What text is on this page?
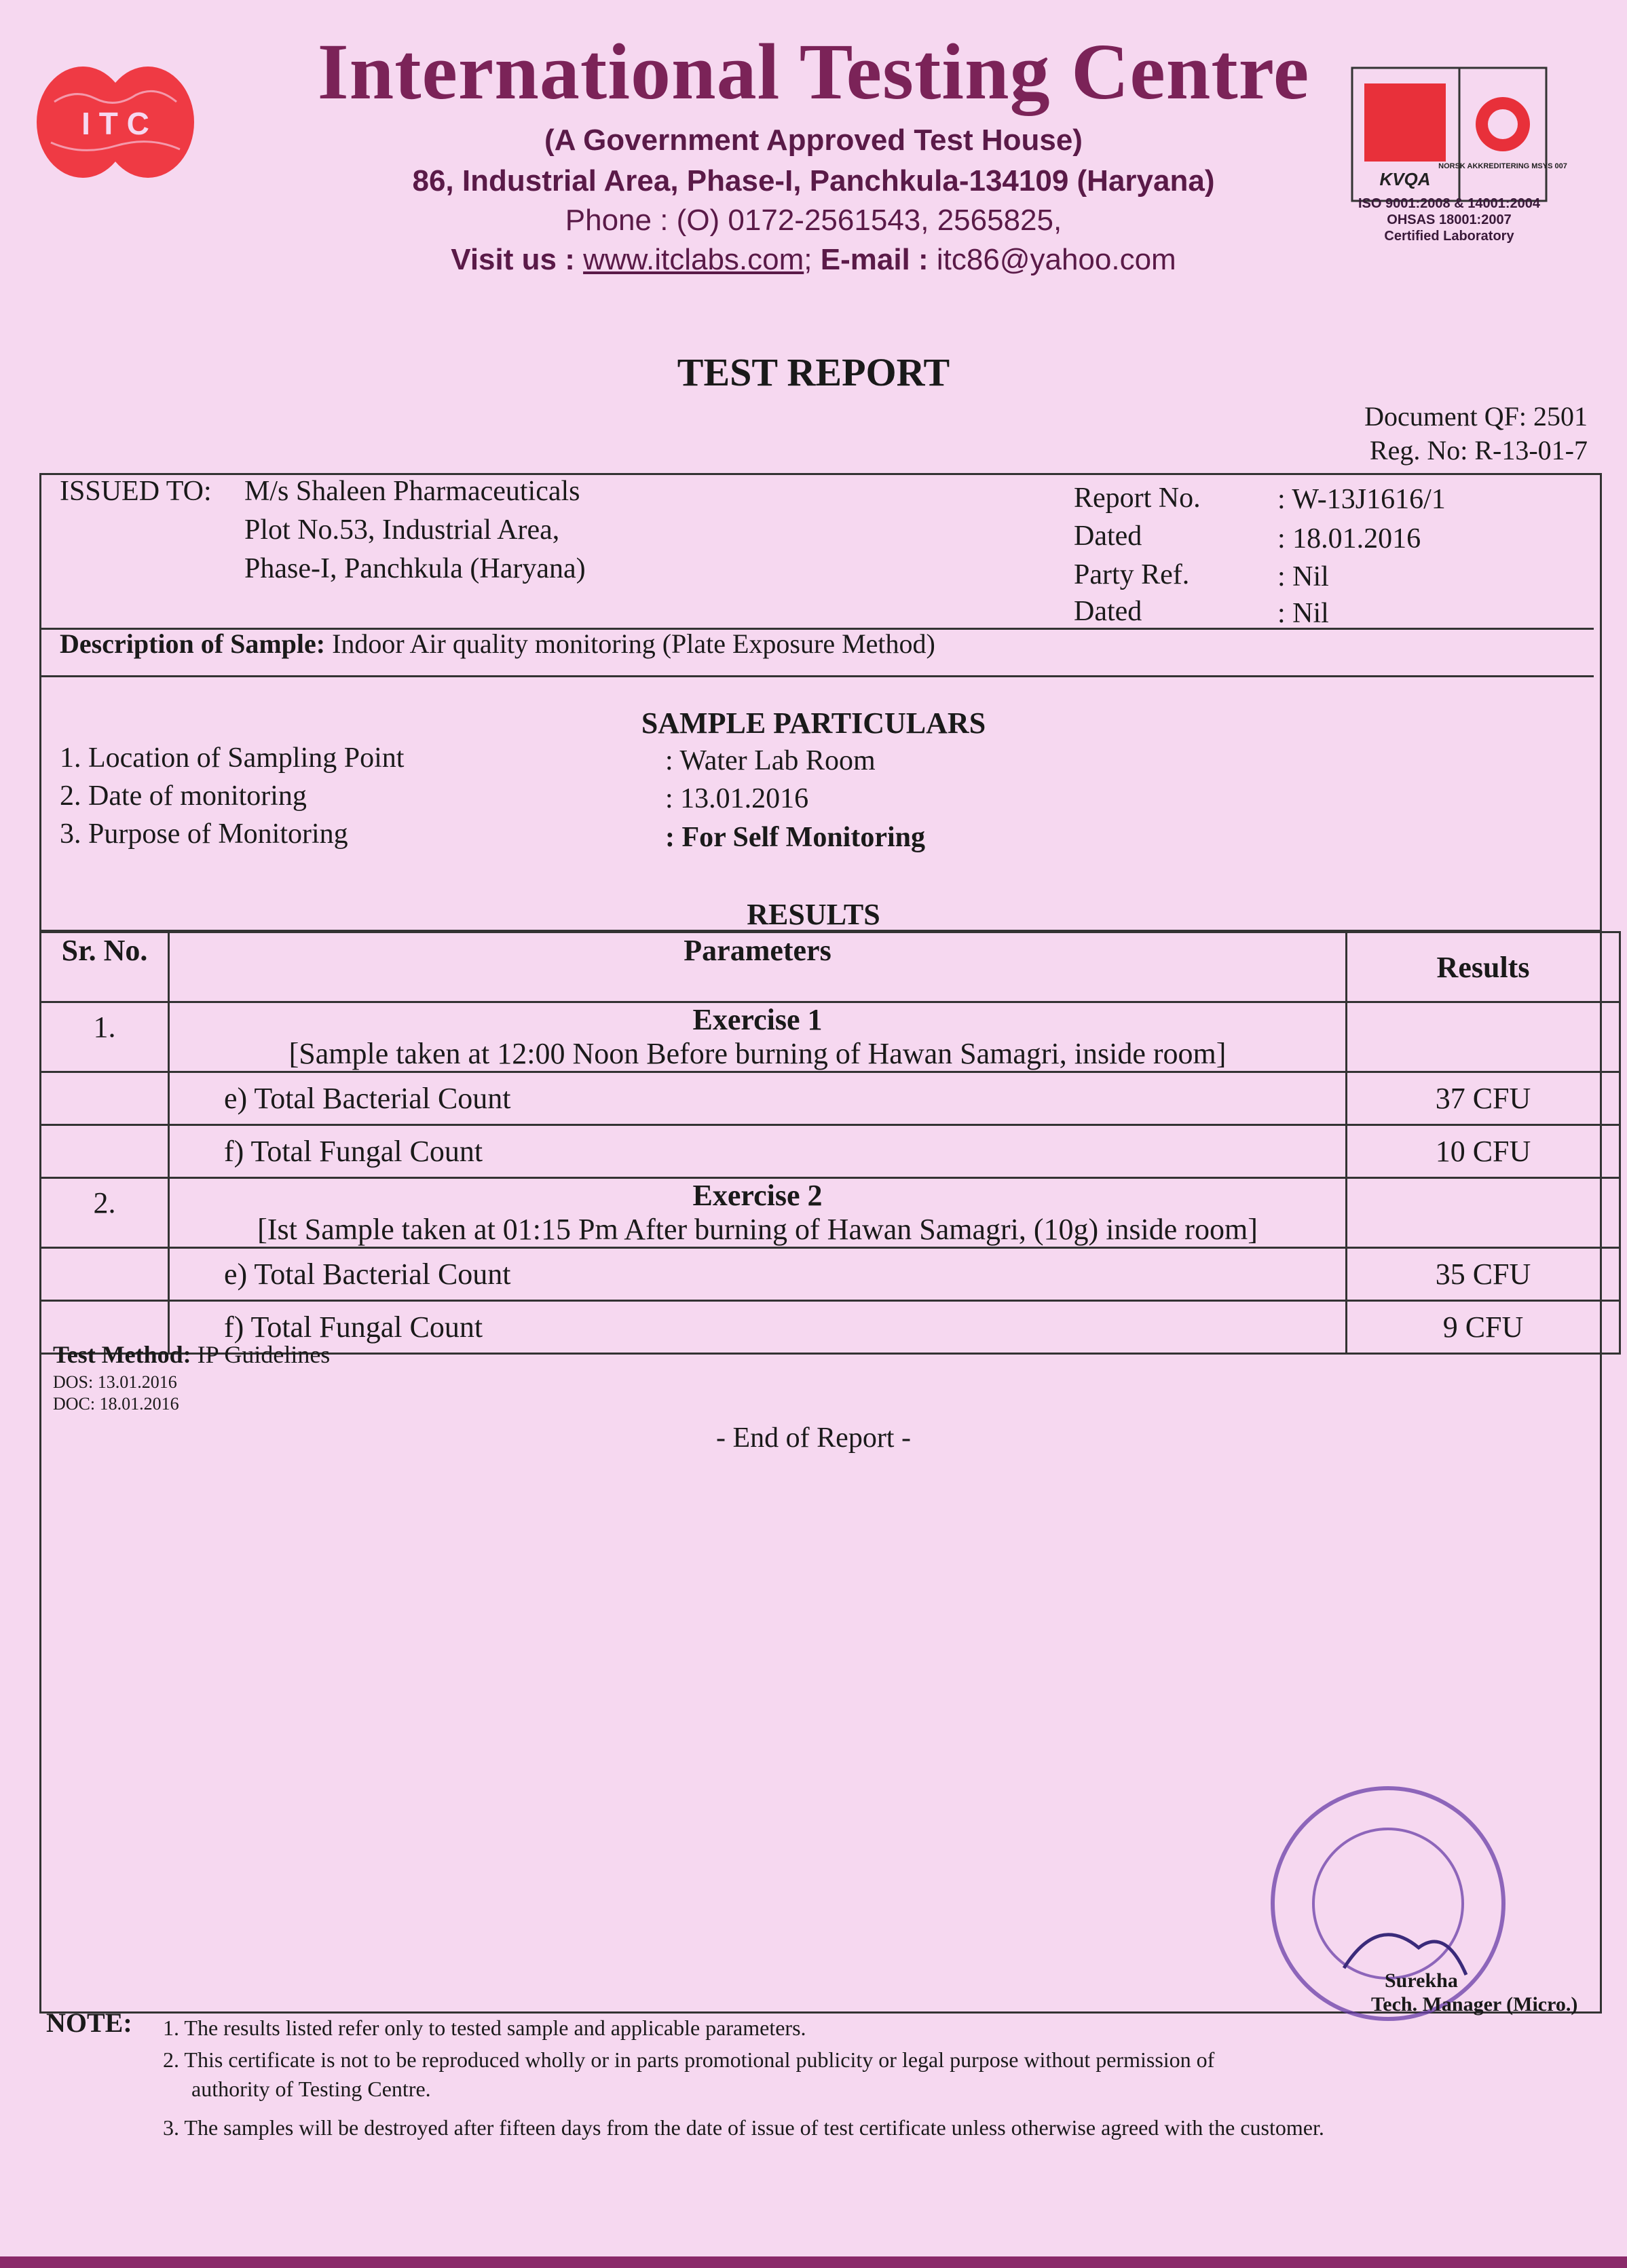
I T C
International Testing Centre
(A Government Approved Test House)
86, Industrial Area, Phase-I, Panchkula-134109 (Haryana)
Phone : (O) 0172-2561543, 2565825,
Visit us : www.itclabs.com; E-mail : itc86@yahoo.com
KVQA
NORSK AKKREDITERING MSYS 007
ISO 9001:2008 & 14001:2004
OHSAS 18001:2007
Certified Laboratory
TEST REPORT
Document QF: 2501
Reg. No: R-13-01-7
ISSUED TO: M/s Shaleen Pharmaceuticals
Plot No.53, Industrial Area,
Phase-I, Panchkula (Haryana)
Report No.	: W-13J1616/1
Dated	: 18.01.2016
Party Ref.	: Nil
Dated	: Nil
Description of Sample: Indoor Air quality monitoring (Plate Exposure Method)
SAMPLE PARTICULARS
1. Location of Sampling Point	: Water Lab Room
2. Date of monitoring	: 13.01.2016
3. Purpose of Monitoring	: For Self Monitoring
RESULTS
Sr. No.	Parameters	Results
1.	Exercise 1
[Sample taken at 12:00 Noon Before burning of Hawan Samagri, inside room]	

	e) Total Bacterial Count	37 CFU
	f) Total Fungal Count	10 CFU
2.	Exercise 2
[Ist Sample taken at 01:15 Pm After burning of Hawan Samagri, (10g) inside room]	

	e) Total Bacterial Count	35 CFU
	f) Total Fungal Count	9 CFU
Test Method: IP Guidelines
DOS: 13.01.2016
DOC: 18.01.2016
- End of Report -
Surekha
Tech. Manager (Micro.)
NOTE: 1. The results listed refer only to tested sample and applicable parameters.
2. This certificate is not to be reproduced wholly or in parts promotional publicity or legal purpose without permission of
authority of Testing Centre.
3. The samples will be destroyed after fifteen days from the date of issue of test certificate unless otherwise agreed with the customer.
